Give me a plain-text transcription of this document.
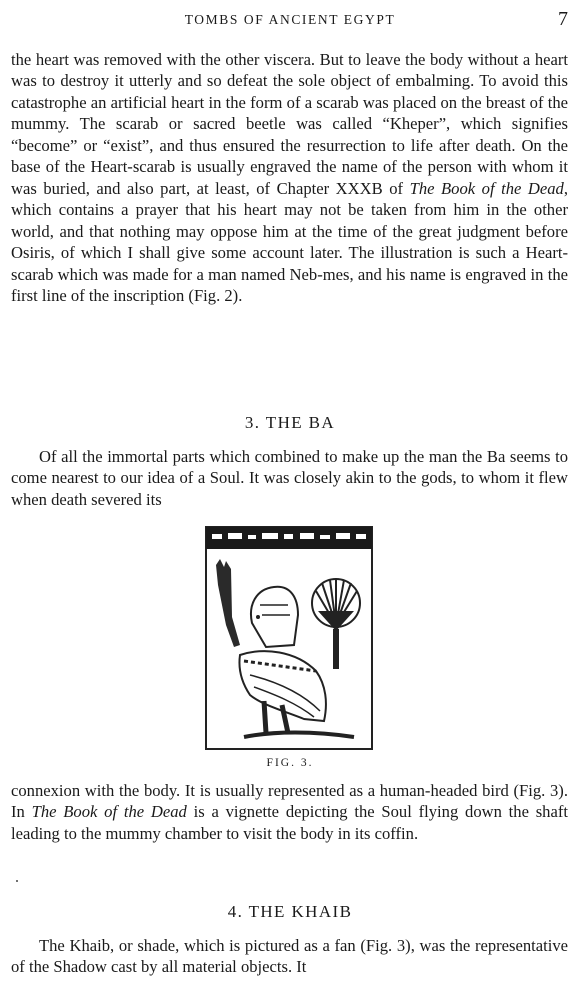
TOMBS OF ANCIENT EGYPT	7

the heart was removed with the other viscera. But to leave the body without a heart was to destroy it utterly and so defeat the sole object of embalming. To avoid this catastrophe an artificial heart in the form of a scarab was placed on the breast of the mummy. The scarab or sacred beetle was called “Kheper”, which signifies “become” or “exist”, and thus ensured the resurrection to life after death. On the base of the Heart-scarab is usually engraved the name of the person with whom it was buried, and also part, at least, of Chapter XXXB of The Book of the Dead, which contains a prayer that his heart may not be taken from him in the other world, and that nothing may oppose him at the time of the great judgment before Osiris, of which I shall give some account later. The illustration is such a Heart-scarab which was made for a man named Neb-mes, and his name is engraved in the first line of the inscription (Fig. 2).

3. THE BA

Of all the immortal parts which combined to make up the man the Ba seems to come nearest to our idea of a Soul. It was closely akin to the gods, to whom it flew when death severed its

FIG. 3.

connexion with the body. It is usually represented as a human-headed bird (Fig. 3). In The Book of the Dead is a vignette depicting the Soul flying down the shaft leading to the mummy chamber to visit the body in its coffin.

4. THE KHAIB

The Khaib, or shade, which is pictured as a fan (Fig. 3), was the representative of the Shadow cast by all material objects. It
